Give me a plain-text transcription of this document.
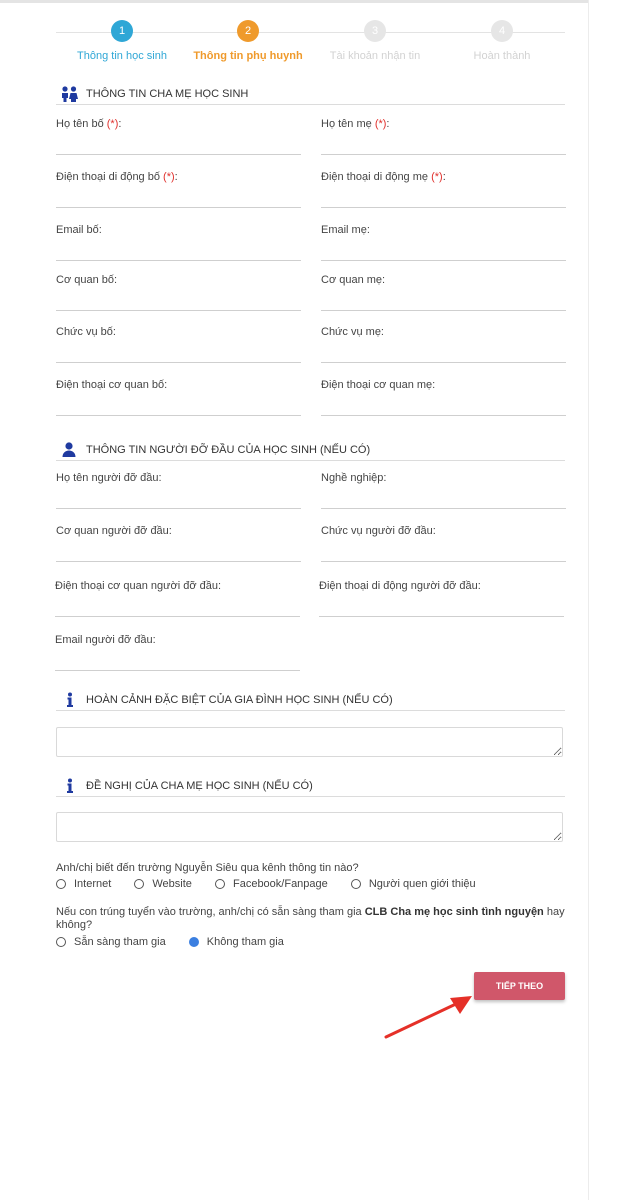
1
Thông tin học sinh
2
Thông tin phụ huynh
3
Tài khoản nhận tin
4
Hoàn thành
THÔNG TIN CHA MẸ HỌC SINH
Họ tên bố (*):	Họ tên mẹ (*):
Điện thoại di động bố (*):	Điện thoại di động mẹ (*):
Email bố:	Email mẹ:
Cơ quan bố:	Cơ quan mẹ:
Chức vụ bố:	Chức vụ mẹ:
Điện thoại cơ quan bố:	Điện thoại cơ quan mẹ:
THÔNG TIN NGƯỜI ĐỠ ĐẦU CỦA HỌC SINH (NẾU CÓ)
Họ tên người đỡ đầu:	Nghề nghiệp:
Cơ quan người đỡ đầu:	Chức vụ người đỡ đầu:
Điện thoại cơ quan người đỡ đầu:	Điện thoại di động người đỡ đầu:
Email người đỡ đầu:
HOÀN CẢNH ĐẶC BIỆT CỦA GIA ĐÌNH HỌC SINH (NẾU CÓ)
ĐỀ NGHỊ CỦA CHA MẸ HỌC SINH (NẾU CÓ)
Anh/chị biết đến trường Nguyễn Siêu qua kênh thông tin nào?
Internet
	Website
	Facebook/Fanpage
	Người quen giới thiệu
Nếu con trúng tuyển vào trường, anh/chị có sẵn sàng tham gia CLB Cha mẹ học sinh tình nguyện hay không?
Sẵn sàng tham gia
	Không tham gia
TIẾP THEO
